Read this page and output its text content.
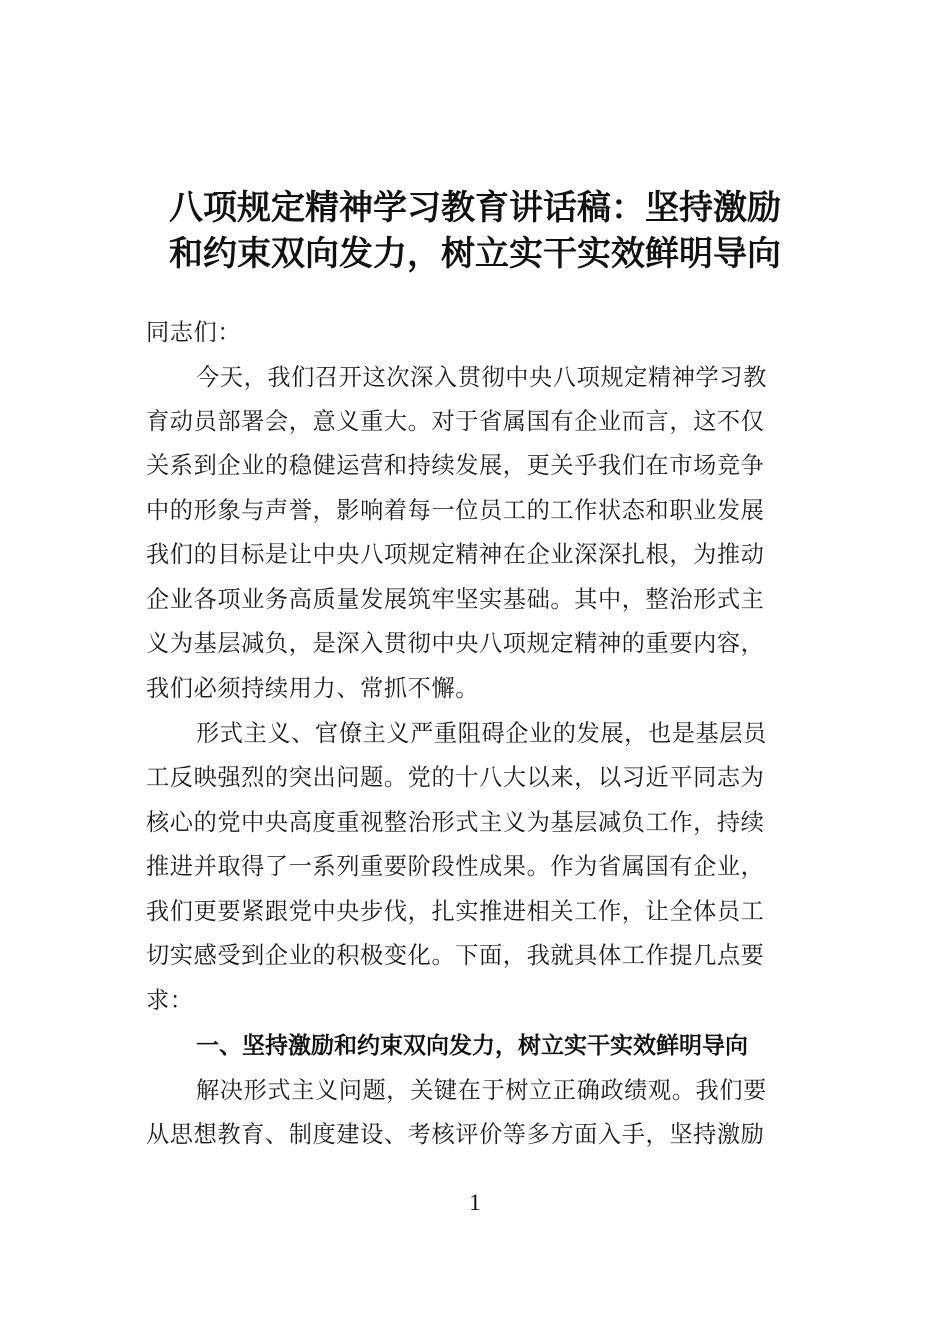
八项规定精神学习教育讲话稿：坚持激励
和约束双向发力，树立实干实效鲜明导向
同志们：
今天，我们召开这次深入贯彻中央八项规定精神学习教
育动员部署会，意义重大。对于省属国有企业而言，这不仅
关系到企业的稳健运营和持续发展，更关乎我们在市场竞争
中的形象与声誉，影响着每一位员工的工作状态和职业发展
我们的目标是让中央八项规定精神在企业深深扎根，为推动
企业各项业务高质量发展筑牢坚实基础。其中，整治形式主
义为基层减负，是深入贯彻中央八项规定精神的重要内容，
我们必须持续用力、常抓不懈。
形式主义、官僚主义严重阻碍企业的发展，也是基层员
工反映强烈的突出问题。党的十八大以来，以习近平同志为
核心的党中央高度重视整治形式主义为基层减负工作，持续
推进并取得了一系列重要阶段性成果。作为省属国有企业，
我们更要紧跟党中央步伐，扎实推进相关工作，让全体员工
切实感受到企业的积极变化。下面，我就具体工作提几点要
求：
一、坚持激励和约束双向发力，树立实干实效鲜明导向
解决形式主义问题，关键在于树立正确政绩观。我们要
从思想教育、制度建设、考核评价等多方面入手，坚持激励
1
